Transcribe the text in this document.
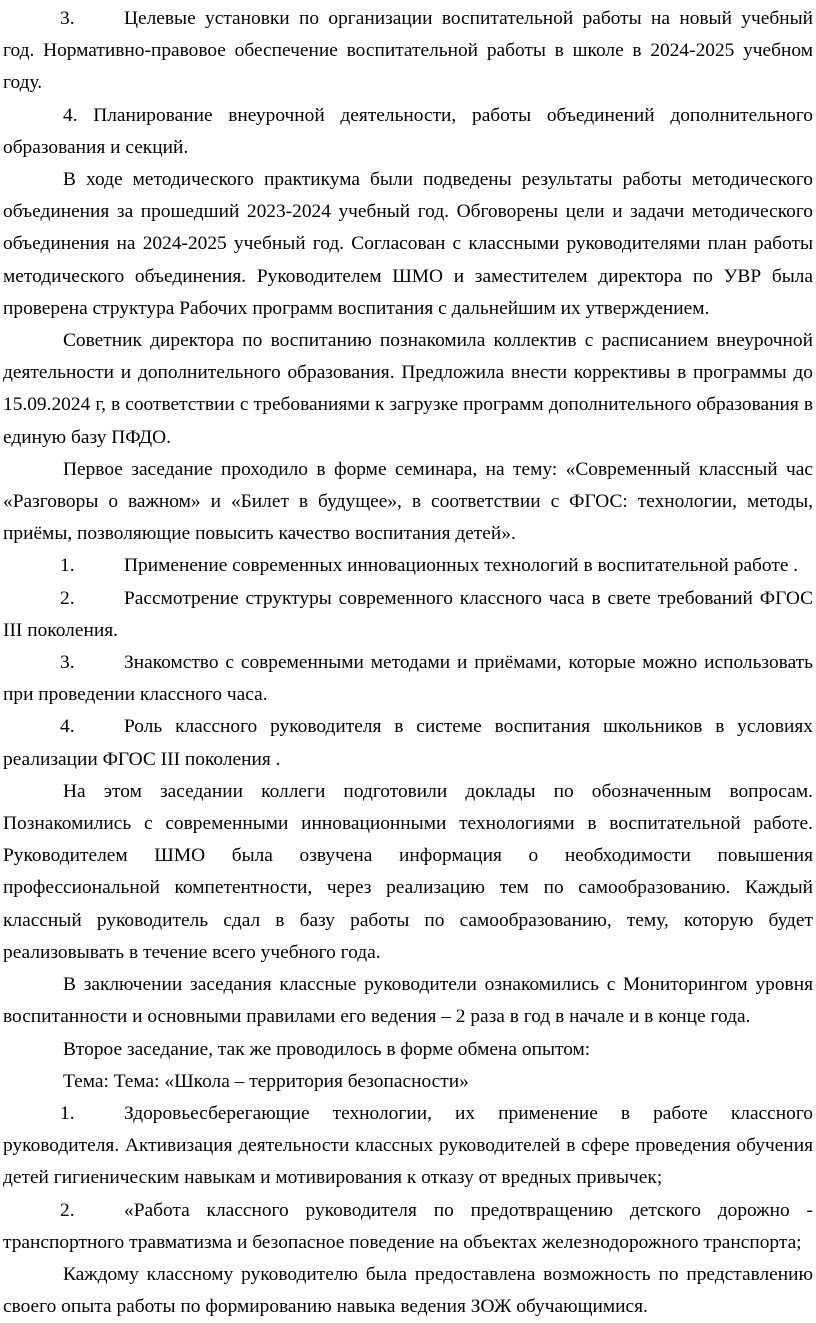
3.	Целевые установки по организации воспитательной работы на новый учебный год. Нормативно-правовое обеспечение воспитательной работы в школе в 2024-2025 учебном году.

4. Планирование внеурочной деятельности, работы объединений дополнительного образования и секций.

В ходе методического практикума были подведены результаты работы методического объединения за прошедший 2023-2024 учебный год. Обговорены цели и задачи методического объединения на 2024-2025 учебный год. Согласован с классными руководителями план работы методического объединения. Руководителем ШМО и заместителем директора по УВР была проверена структура Рабочих программ воспитания с дальнейшим их утверждением.

Советник директора по воспитанию познакомила коллектив с расписанием внеурочной деятельности и дополнительного образования. Предложила внести коррективы в программы до 15.09.2024 г, в соответствии с требованиями к загрузке программ дополнительного образования в единую базу ПФДО.

Первое заседание проходило в форме семинара, на тему: «Современный классный час «Разговоры о важном» и «Билет в будущее», в соответствии с ФГОС: технологии, методы, приёмы, позволяющие повысить качество воспитания детей».

1.	Применение современных инновационных технологий в воспитательной работе .

2.	Рассмотрение структуры современного классного часа в свете требований ФГОС III поколения.

3.	Знакомство с современными методами и приёмами, которые можно использовать при проведении классного часа.

4.	Роль классного руководителя в системе воспитания школьников в условиях реализации ФГОС III поколения .

На этом заседании коллеги подготовили доклады по обозначенным вопросам. Познакомились с современными инновационными технологиями в воспитательной работе. Руководителем ШМО была озвучена информация о необходимости повышения профессиональной компетентности, через реализацию тем по самообразованию. Каждый классный руководитель сдал в базу работы по самообразованию, тему, которую будет реализовывать в течение всего учебного года.

В заключении заседания классные руководители ознакомились с Мониторингом уровня воспитанности и основными правилами его ведения – 2 раза в год в начале и в конце года.

Второе заседание, так же проводилось в форме обмена опытом:

Тема: Тема: «Школа – территория безопасности»

1.	Здоровьесберегающие технологии, их применение в работе классного руководителя. Активизация деятельности классных руководителей в сфере проведения обучения детей гигиеническим навыкам и мотивирования к отказу от вредных привычек;

2.	«Работа классного руководителя по предотвращению детского дорожно - транспортного травматизма и безопасное поведение на объектах железнодорожного транспорта;

Каждому классному руководителю была предоставлена возможность по представлению своего опыта работы по формированию навыка ведения ЗОЖ обучающимися.
